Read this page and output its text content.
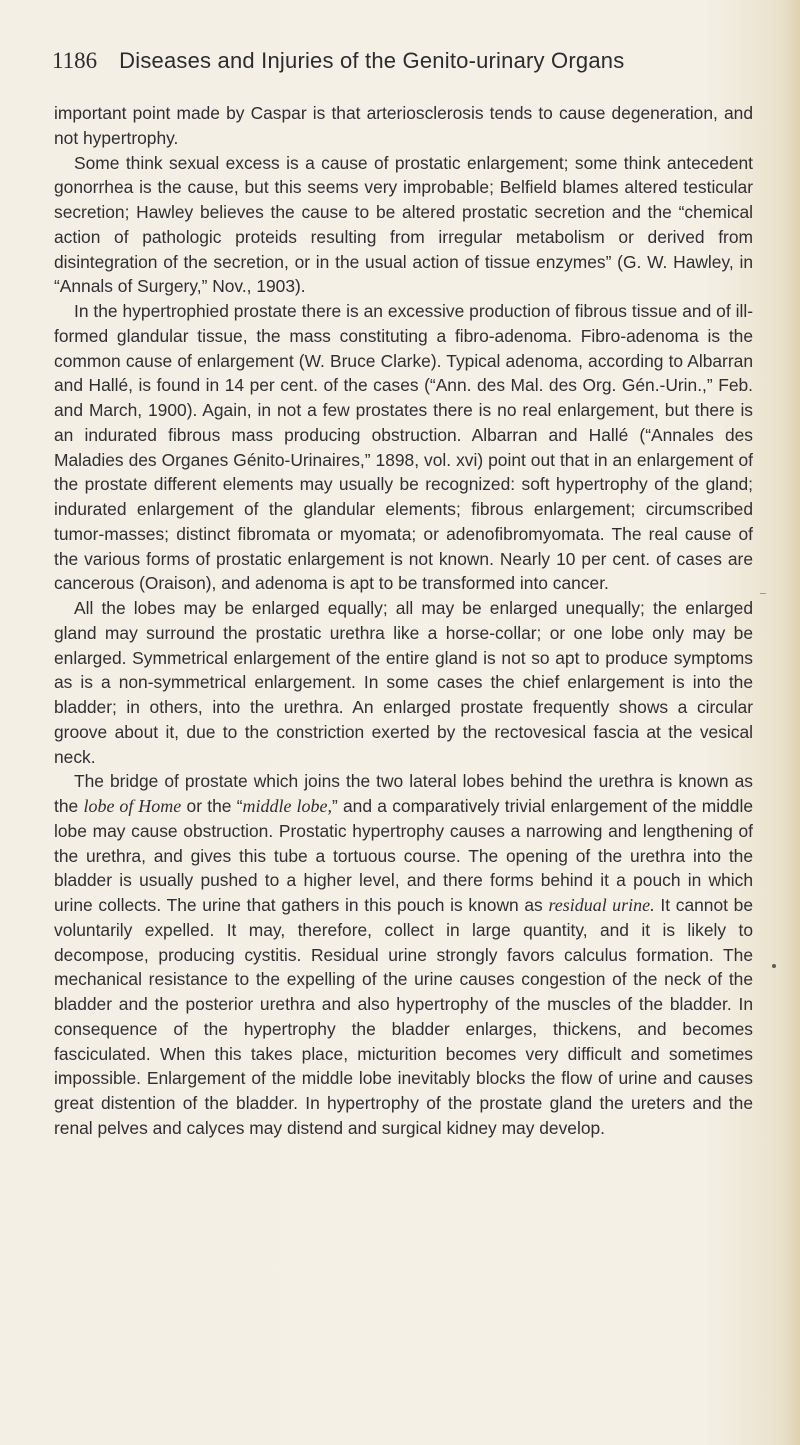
1186 Diseases and Injuries of the Genito-urinary Organs

important point made by Caspar is that arteriosclerosis tends to cause degeneration, and not hypertrophy.

Some think sexual excess is a cause of prostatic enlargement; some think antecedent gonorrhea is the cause, but this seems very improbable; Belfield blames altered testicular secretion; Hawley believes the cause to be altered prostatic secretion and the “chemical action of pathologic proteids resulting from irregular metabolism or derived from disintegration of the secretion, or in the usual action of tissue enzymes” (G. W. Hawley, in “Annals of Surgery,” Nov., 1903).

In the hypertrophied prostate there is an excessive production of fibrous tissue and of ill-formed glandular tissue, the mass constituting a fibro-adenoma. Fibro-adenoma is the common cause of enlargement (W. Bruce Clarke). Typical adenoma, according to Albarran and Hallé, is found in 14 per cent. of the cases (“Ann. des Mal. des Org. Gén.-Urin.,” Feb. and March, 1900). Again, in not a few prostates there is no real enlargement, but there is an indurated fibrous mass producing obstruction. Albarran and Hallé (“Annales des Maladies des Organes Génito-Urinaires,” 1898, vol. xvi) point out that in an enlargement of the prostate different elements may usually be recognized: soft hypertrophy of the gland; indurated enlargement of the glandular elements; fibrous enlargement; circumscribed tumor-masses; distinct fibromata or myomata; or adenofibromyomata. The real cause of the various forms of prostatic enlargement is not known. Nearly 10 per cent. of cases are cancerous (Oraison), and adenoma is apt to be transformed into cancer.

All the lobes may be enlarged equally; all may be enlarged unequally; the enlarged gland may surround the prostatic urethra like a horse-collar; or one lobe only may be enlarged. Symmetrical enlargement of the entire gland is not so apt to produce symptoms as is a non-symmetrical enlargement. In some cases the chief enlargement is into the bladder; in others, into the urethra. An enlarged prostate frequently shows a circular groove about it, due to the constriction exerted by the rectovesical fascia at the vesical neck.

The bridge of prostate which joins the two lateral lobes behind the urethra is known as the lobe of Home or the “middle lobe,” and a comparatively trivial enlargement of the middle lobe may cause obstruction. Prostatic hypertrophy causes a narrowing and lengthening of the urethra, and gives this tube a tortuous course. The opening of the urethra into the bladder is usually pushed to a higher level, and there forms behind it a pouch in which urine collects. The urine that gathers in this pouch is known as residual urine. It cannot be voluntarily expelled. It may, therefore, collect in large quantity, and it is likely to decompose, producing cystitis. Residual urine strongly favors calculus formation. The mechanical resistance to the expelling of the urine causes congestion of the neck of the bladder and the posterior urethra and also hypertrophy of the muscles of the bladder. In consequence of the hypertrophy the bladder enlarges, thickens, and becomes fasciculated. When this takes place, micturition becomes very difficult and sometimes impossible. Enlargement of the middle lobe inevitably blocks the flow of urine and causes great distention of the bladder. In hypertrophy of the prostate gland the ureters and the renal pelves and calyces may distend and surgical kidney may develop.
